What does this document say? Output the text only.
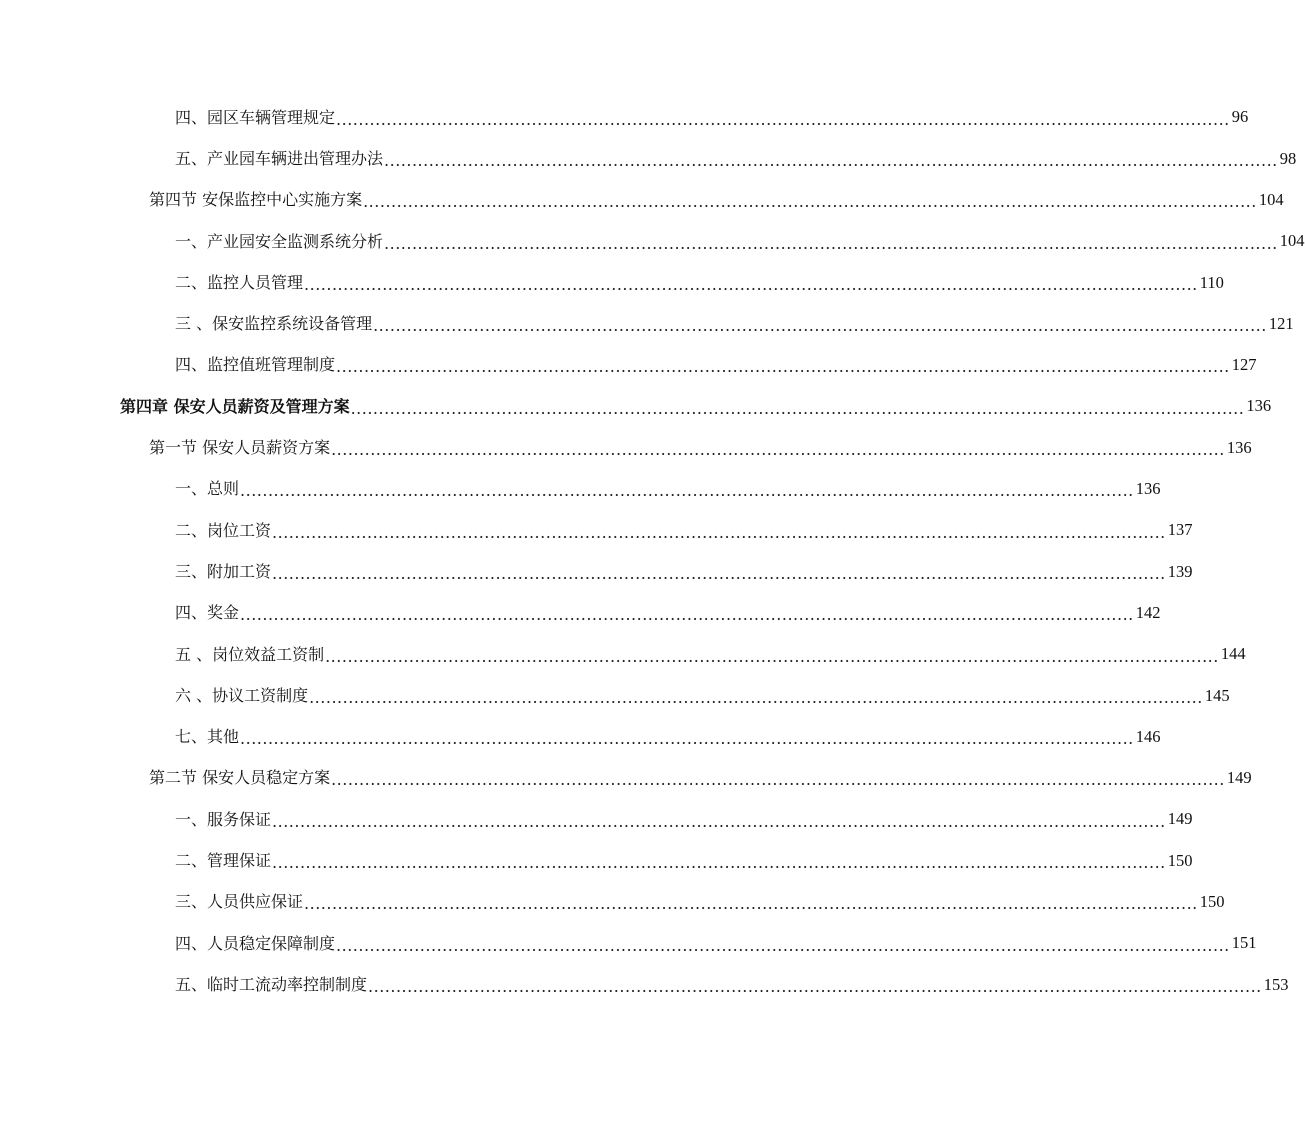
四、园区车辆管理规定 ................................................................................................................................................................ 96
五、产业园车辆进出管理办法 ................................................................................................................................................................ 98
第四节 安保监控中心实施方案 ................................................................................................................................................................ 104
一、产业园安全监测系统分析 ................................................................................................................................................................ 104
二、监控人员管理 ................................................................................................................................................................ 110
三 、保安监控系统设备管理 ................................................................................................................................................................ 121
四、监控值班管理制度 ................................................................................................................................................................ 127
第四章 保安人员薪资及管理方案 ................................................................................................................................................................ 136
第一节 保安人员薪资方案 ................................................................................................................................................................ 136
一、总则 ................................................................................................................................................................ 136
二、岗位工资 ................................................................................................................................................................ 137
三、附加工资 ................................................................................................................................................................ 139
四、奖金 ................................................................................................................................................................ 142
五 、岗位效益工资制 ................................................................................................................................................................ 144
六 、协议工资制度 ................................................................................................................................................................ 145
七、其他 ................................................................................................................................................................ 146
第二节 保安人员稳定方案 ................................................................................................................................................................ 149
一、服务保证 ................................................................................................................................................................ 149
二、管理保证 ................................................................................................................................................................ 150
三、人员供应保证 ................................................................................................................................................................ 150
四、人员稳定保障制度 ................................................................................................................................................................ 151
五、临时工流动率控制制度 ................................................................................................................................................................ 153
